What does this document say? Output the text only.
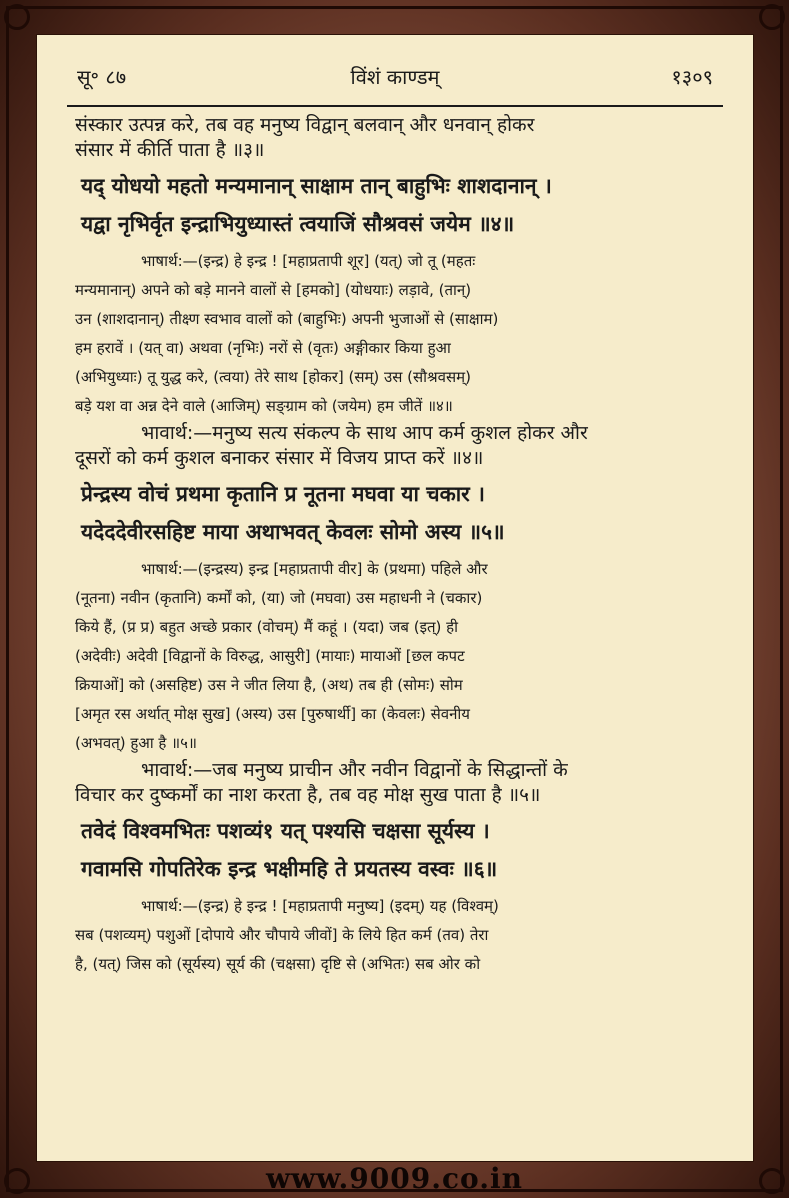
सू॰ ८७	विंशं काण्डम्	१३०९

संस्कार उत्पन्न करे, तब वह मनुष्य विद्वान् बलवान् और धनवान् होकर

संसार में कीर्ति पाता है ॥३॥

यद् योधयो महतो मन्यमानान् साक्षाम तान् बाहुभिः शाशदानान् ।

यद्वा नृभिर्वृत इन्द्राभियुध्यास्तं त्वयाजिं सौश्रवसं जयेम ॥४॥

भाषार्थ:—(इन्द्र) हे इन्द्र ! [महाप्रतापी शूर] (यत्) जो तू (महतः

मन्यमानान्) अपने को बड़े मानने वालों से [हमको] (योधयाः) लड़ावे, (तान्)

उन (शाशदानान्) तीक्ष्ण स्वभाव वालों को (बाहुभिः) अपनी भुजाओं से (साक्षाम)

हम हरावें । (यत् वा) अथवा (नृभिः) नरों से (वृतः) अङ्गीकार किया हुआ

(अभियुध्याः) तू युद्ध करे, (त्वया) तेरे साथ [होकर] (सम्) उस (सौश्रवसम्)

बड़े यश वा अन्न देने वाले (आजिम्) सङ्ग्राम को (जयेम) हम जीतें ॥४॥

भावार्थ:—मनुष्य सत्य संकल्प के साथ आप कर्म कुशल होकर और

दूसरों को कर्म कुशल बनाकर संसार में विजय प्राप्त करें ॥४॥

प्रेन्द्रस्य वोचं प्रथमा कृतानि प्र नूतना मघवा या चकार ।

यदेददेवीरसहिष्ट माया अथाभवत् केवलः सोमो अस्य ॥५॥

भाषार्थ:—(इन्द्रस्य) इन्द्र [महाप्रतापी वीर] के (प्रथमा) पहिले और

(नूतना) नवीन (कृतानि) कर्मों को, (या) जो (मघवा) उस महाधनी ने (चकार)

किये हैं, (प्र प्र) बहुत अच्छे प्रकार (वोचम्) मैं कहूं । (यदा) जब (इत्) ही

(अदेवीः) अदेवी [विद्वानों के विरुद्ध, आसुरी] (मायाः) मायाओं [छल कपट

क्रियाओं] को (असहिष्ट) उस ने जीत लिया है, (अथ) तब ही (सोमः) सोम

[अमृत रस अर्थात् मोक्ष सुख] (अस्य) उस [पुरुषार्थी] का (केवलः) सेवनीय

(अभवत्) हुआ है ॥५॥

भावार्थ:—जब मनुष्य प्राचीन और नवीन विद्वानों के सिद्धान्तों के

विचार कर दुष्कर्मों का नाश करता है, तब वह मोक्ष सुख पाता है ॥५॥

तवेदं विश्वमभितः पशव्यं१ यत् पश्यसि चक्षसा सूर्यस्य ।

गवामसि गोपतिरेक इन्द्र भक्षीमहि ते प्रयतस्य वस्वः ॥६॥

भाषार्थ:—(इन्द्र) हे इन्द्र ! [महाप्रतापी मनुष्य] (इदम्) यह (विश्वम्)

सब (पशव्यम्) पशुओं [दोपाये और चौपाये जीवों] के लिये हित कर्म (तव) तेरा

है, (यत्) जिस को (सूर्यस्य) सूर्य की (चक्षसा) दृष्टि से (अभितः) सब ओर को

www.9009.co.in
